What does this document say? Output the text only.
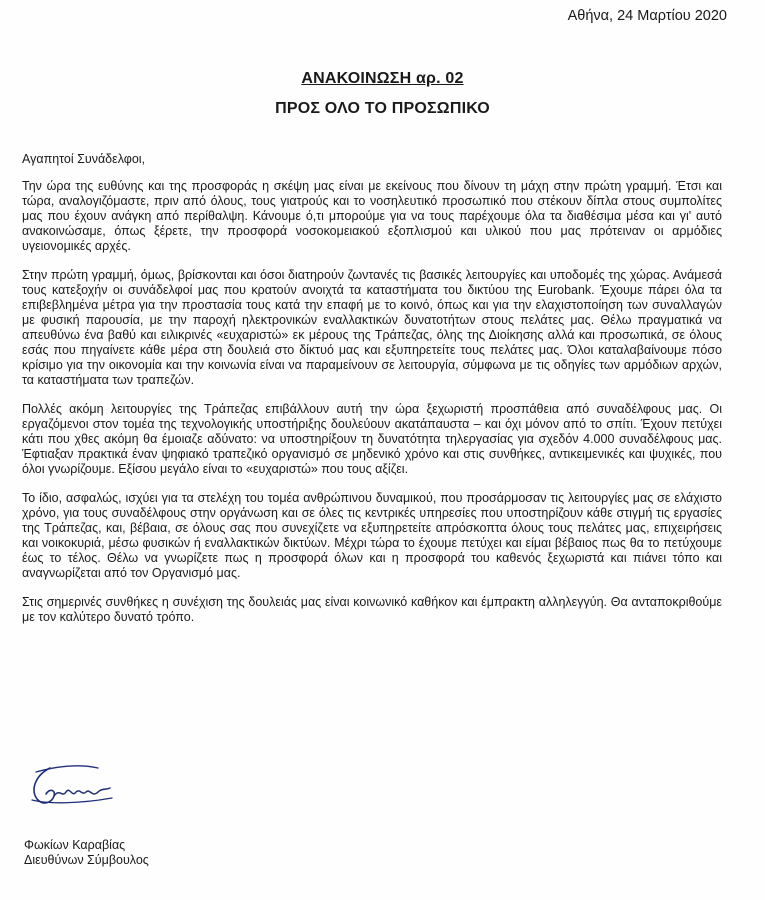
Αθήνα, 24 Μαρτίου 2020
ΑΝΑΚΟΙΝΩΣΗ αρ. 02
ΠΡΟΣ ΟΛΟ ΤΟ ΠΡΟΣΩΠΙΚΟ

Αγαπητοί Συνάδελφοι,

Την ώρα της ευθύνης και της προσφοράς η σκέψη μας είναι με εκείνους που δίνουν τη μάχη στην πρώτη γραμμή. Έτσι και τώρα, αναλογιζόμαστε, πριν από όλους, τους γιατρούς και το νοσηλευτικό προσωπικό που στέκουν δίπλα στους συμπολίτες μας που έχουν ανάγκη από περίθαλψη. Κάνουμε ό,τι μπορούμε για να τους παρέχουμε όλα τα διαθέσιμα μέσα και γι' αυτό ανακοινώσαμε, όπως ξέρετε, την προσφορά νοσοκομειακού εξοπλισμού και υλικού που μας πρότειναν οι αρμόδιες υγειονομικές αρχές.

Στην πρώτη γραμμή, όμως, βρίσκονται και όσοι διατηρούν ζωντανές τις βασικές λειτουργίες και υποδομές της χώρας. Ανάμεσά τους κατεξοχήν οι συνάδελφοί μας που κρατούν ανοιχτά τα καταστήματα του δικτύου της Eurobank. Έχουμε πάρει όλα τα επιβεβλημένα μέτρα για την προστασία τους κατά την επαφή με το κοινό, όπως και για την ελαχιστοποίηση των συναλλαγών με φυσική παρουσία, με την παροχή ηλεκτρονικών εναλλακτικών δυνατοτήτων στους πελάτες μας. Θέλω πραγματικά να απευθύνω ένα βαθύ και ειλικρινές «ευχαριστώ» εκ μέρους της Τράπεζας, όλης της Διοίκησης αλλά και προσωπικά, σε όλους εσάς που πηγαίνετε κάθε μέρα στη δουλειά στο δίκτυό μας και εξυπηρετείτε τους πελάτες μας. Όλοι καταλαβαίνουμε πόσο κρίσιμο για την οικονομία και την κοινωνία είναι να παραμείνουν σε λειτουργία, σύμφωνα με τις οδηγίες των αρμόδιων αρχών, τα καταστήματα των τραπεζών.

Πολλές ακόμη λειτουργίες της Τράπεζας επιβάλλουν αυτή την ώρα ξεχωριστή προσπάθεια από συναδέλφους μας. Οι εργαζόμενοι στον τομέα της τεχνολογικής υποστήριξης δουλεύουν ακατάπαυστα – και όχι μόνον από το σπίτι. Έχουν πετύχει κάτι που χθες ακόμη θα έμοιαζε αδύνατο: να υποστηρίξουν τη δυνατότητα τηλεργασίας για σχεδόν 4.000 συναδέλφους μας. Έφτιαξαν πρακτικά έναν ψηφιακό τραπεζικό οργανισμό σε μηδενικό χρόνο και στις συνθήκες, αντικειμενικές και ψυχικές, που όλοι γνωρίζουμε. Εξίσου μεγάλο είναι το «ευχαριστώ» που τους αξίζει.

Το ίδιο, ασφαλώς, ισχύει για τα στελέχη του τομέα ανθρώπινου δυναμικού, που προσάρμοσαν τις λειτουργίες μας σε ελάχιστο χρόνο, για τους συναδέλφους στην οργάνωση και σε όλες τις κεντρικές υπηρεσίες που υποστηρίζουν κάθε στιγμή τις εργασίες της Τράπεζας, και, βέβαια, σε όλους σας που συνεχίζετε να εξυπηρετείτε απρόσκοπτα όλους τους πελάτες μας, επιχειρήσεις και νοικοκυριά, μέσω φυσικών ή εναλλακτικών δικτύων. Μέχρι τώρα το έχουμε πετύχει και είμαι βέβαιος πως θα το πετύχουμε έως το τέλος. Θέλω να γνωρίζετε πως η προσφορά όλων και η προσφορά του καθενός ξεχωριστά και πιάνει τόπο και αναγνωρίζεται από τον Οργανισμό μας.

Στις σημερινές συνθήκες η συνέχιση της δουλειάς μας είναι κοινωνικό καθήκον και έμπρακτη αλληλεγγύη. Θα ανταποκριθούμε με τον καλύτερο δυνατό τρόπο.

Φωκίων Καραβίας
Διευθύνων Σύμβουλος
